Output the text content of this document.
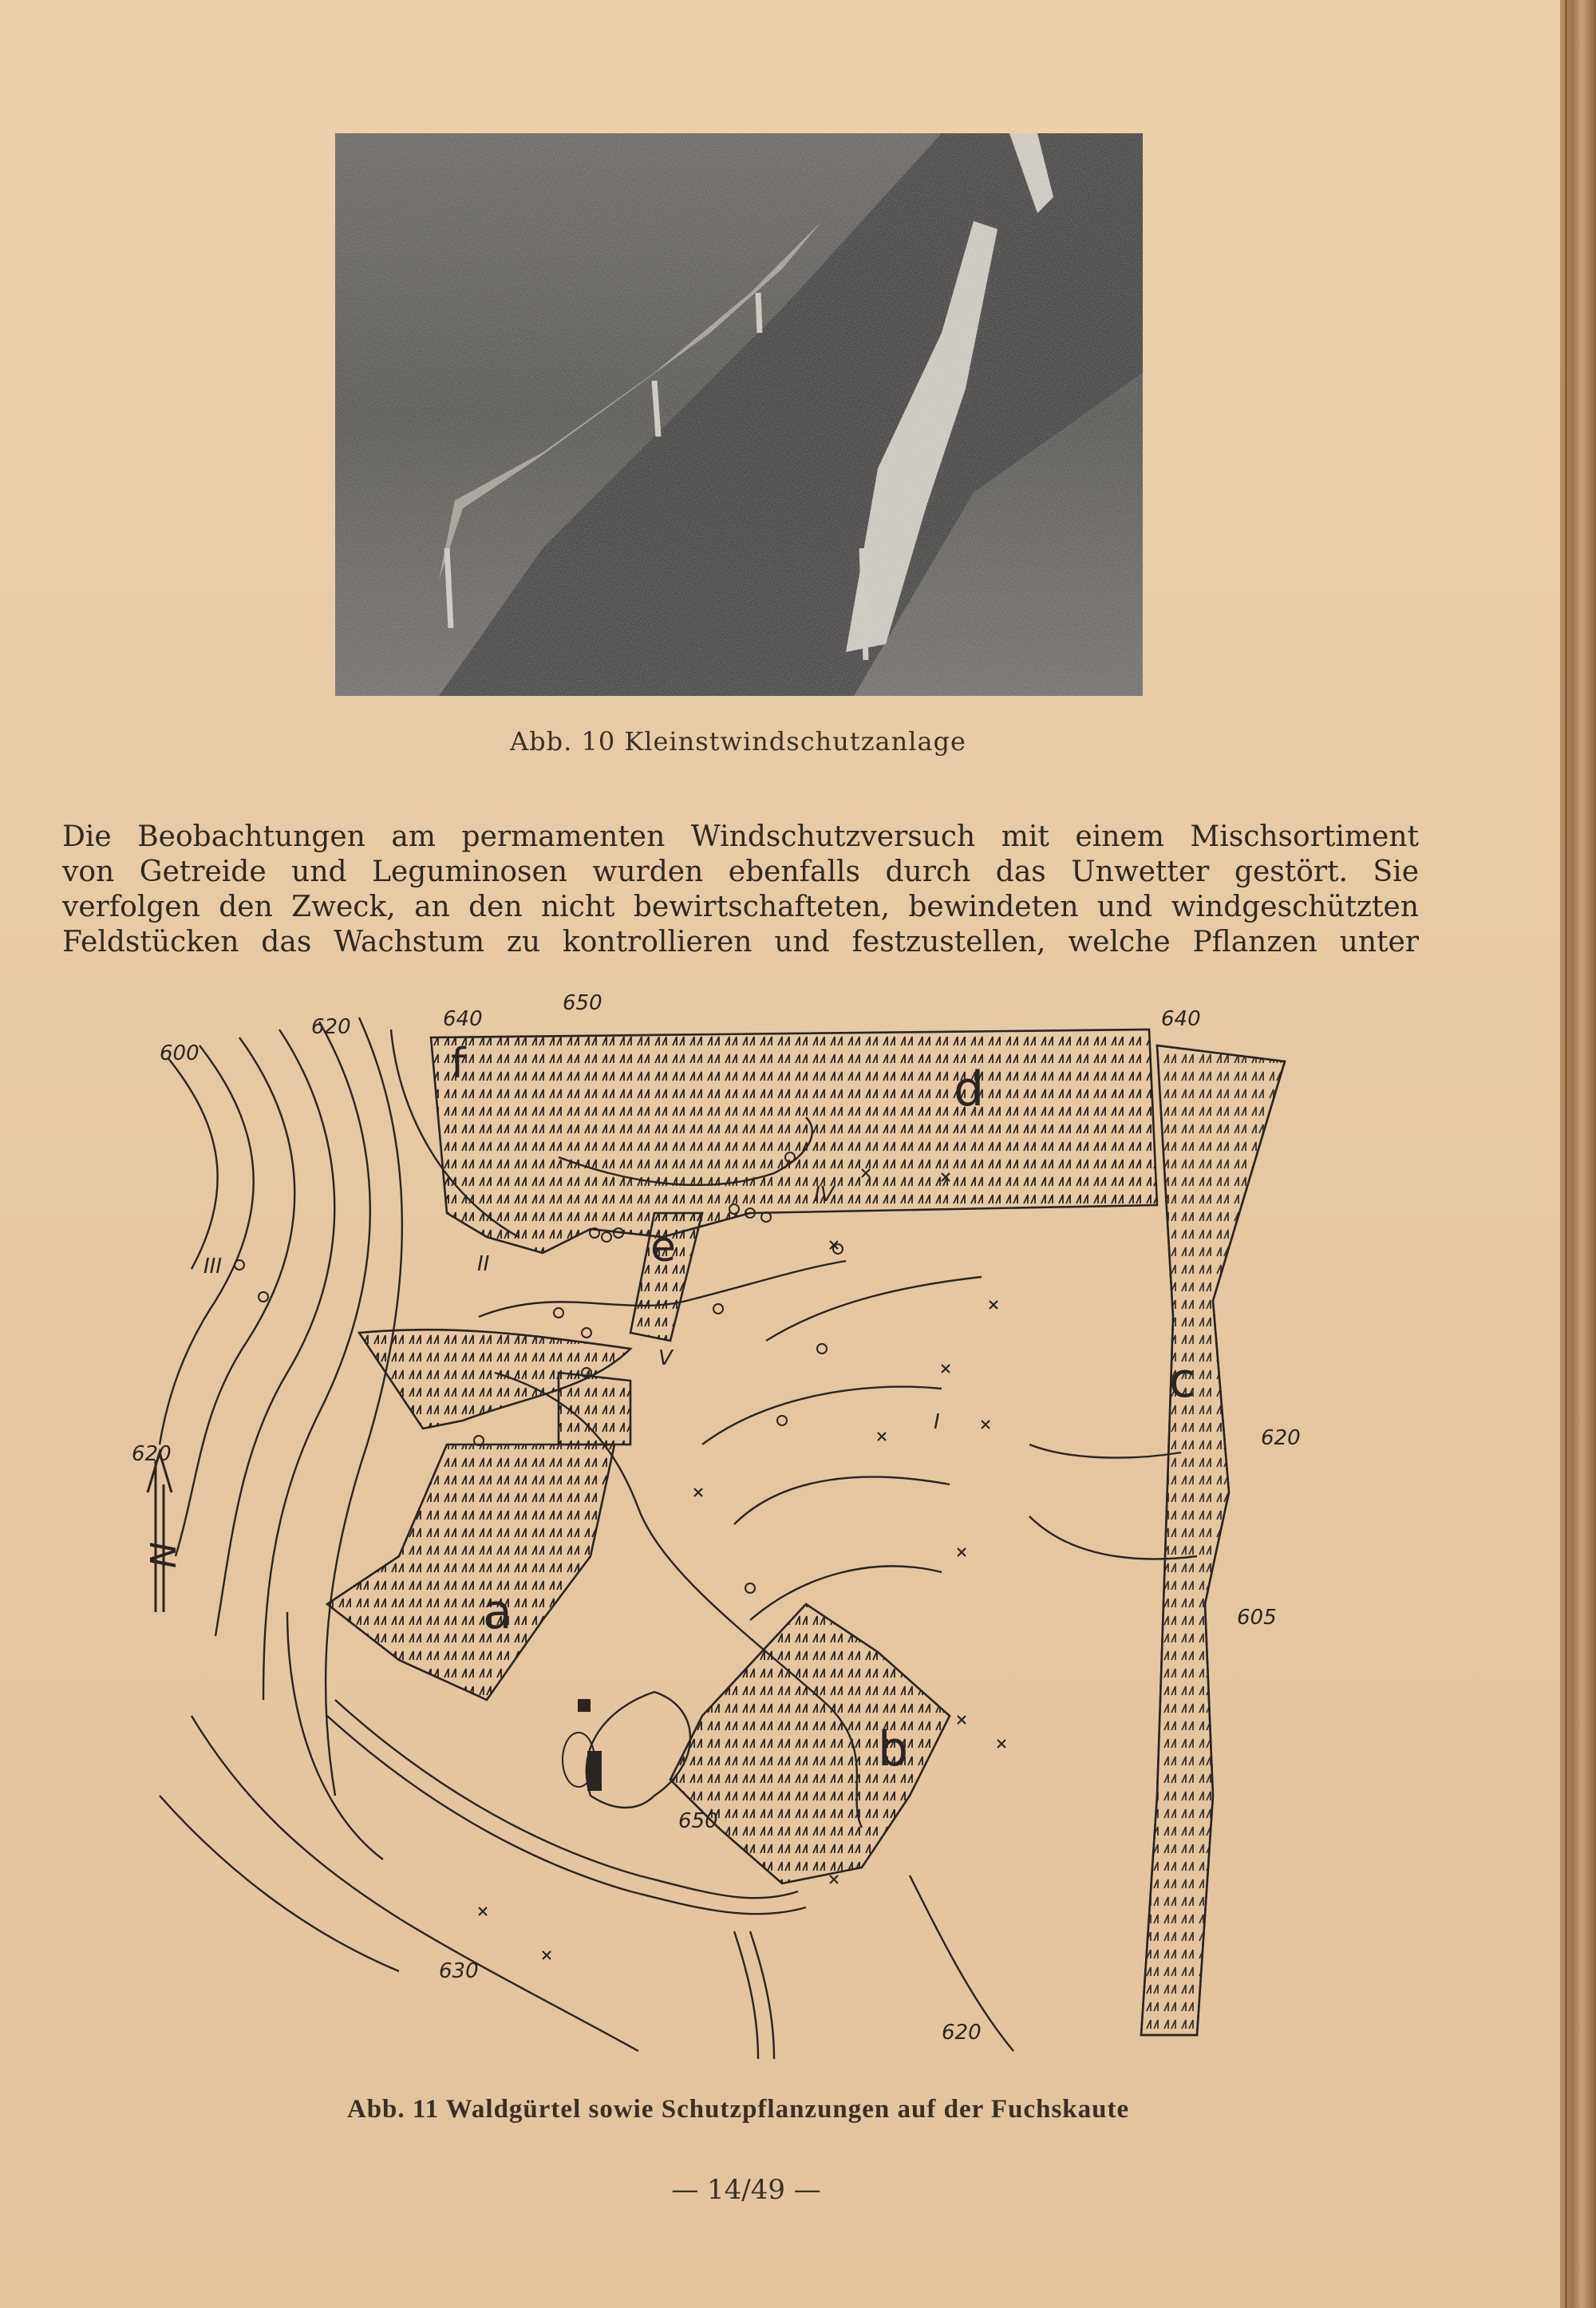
Abb. 10 Kleinstwindschutzanlage
Die Beobachtungen am permamenten Windschutzversuch mit einem Mischsortiment
von Getreide und Leguminosen wurden ebenfalls durch das Unwetter gestört. Sie
verfolgen den Zweck, an den nicht bewirtschafteten, bewindeten und windgeschützten
Feldstücken das Wachstum zu kontrollieren und festzustellen, welche Pflanzen unter
N
600
620	640
650
640
620
620
605
650
630
620
a
b
c
d
e
f
I
II
III
IV
V
Abb. 11 Waldgürtel sowie Schutzpflanzungen auf der Fuchskaute
— 14/49 —
